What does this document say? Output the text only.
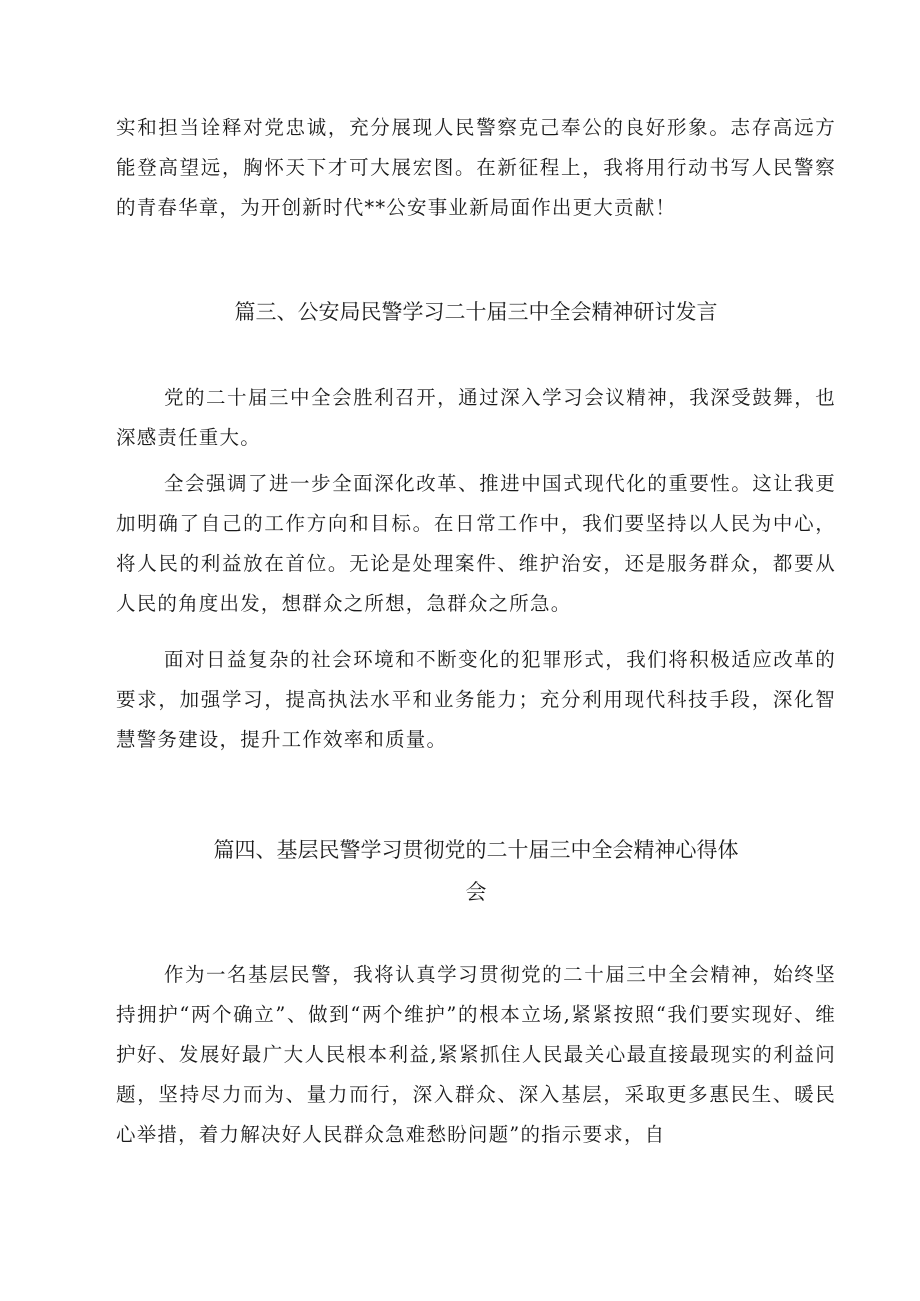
实和担当诠释对党忠诚，充分展现人民警察克己奉公的良好形象。志存高远方能登高望远，胸怀天下才可大展宏图。在新征程上，我将用行动书写人民警察的青春华章，为开创新时代**公安事业新局面作出更大贡献！

篇三、公安局民警学习二十届三中全会精神研讨发言

党的二十届三中全会胜利召开，通过深入学习会议精神，我深受鼓舞，也深感责任重大。

全会强调了进一步全面深化改革、推进中国式现代化的重要性。这让我更加明确了自己的工作方向和目标。在日常工作中，我们要坚持以人民为中心，将人民的利益放在首位。无论是处理案件、维护治安，还是服务群众，都要从人民的角度出发，想群众之所想，急群众之所急。

面对日益复杂的社会环境和不断变化的犯罪形式，我们将积极适应改革的要求，加强学习，提高执法水平和业务能力；充分利用现代科技手段，深化智慧警务建设，提升工作效率和质量。

篇四、基层民警学习贯彻党的二十届三中全会精神心得体
会

作为一名基层民警，我将认真学习贯彻党的二十届三中全会精神，始终坚持拥护“两个确立”、做到“两个维护”的根本立场,紧紧按照“我们要实现好、维护好、发展好最广大人民根本利益,紧紧抓住人民最关心最直接最现实的利益问题，坚持尽力而为、量力而行，深入群众、深入基层，采取更多惠民生、暖民心举措，着力解决好人民群众急难愁盼问题”的指示要求，自
